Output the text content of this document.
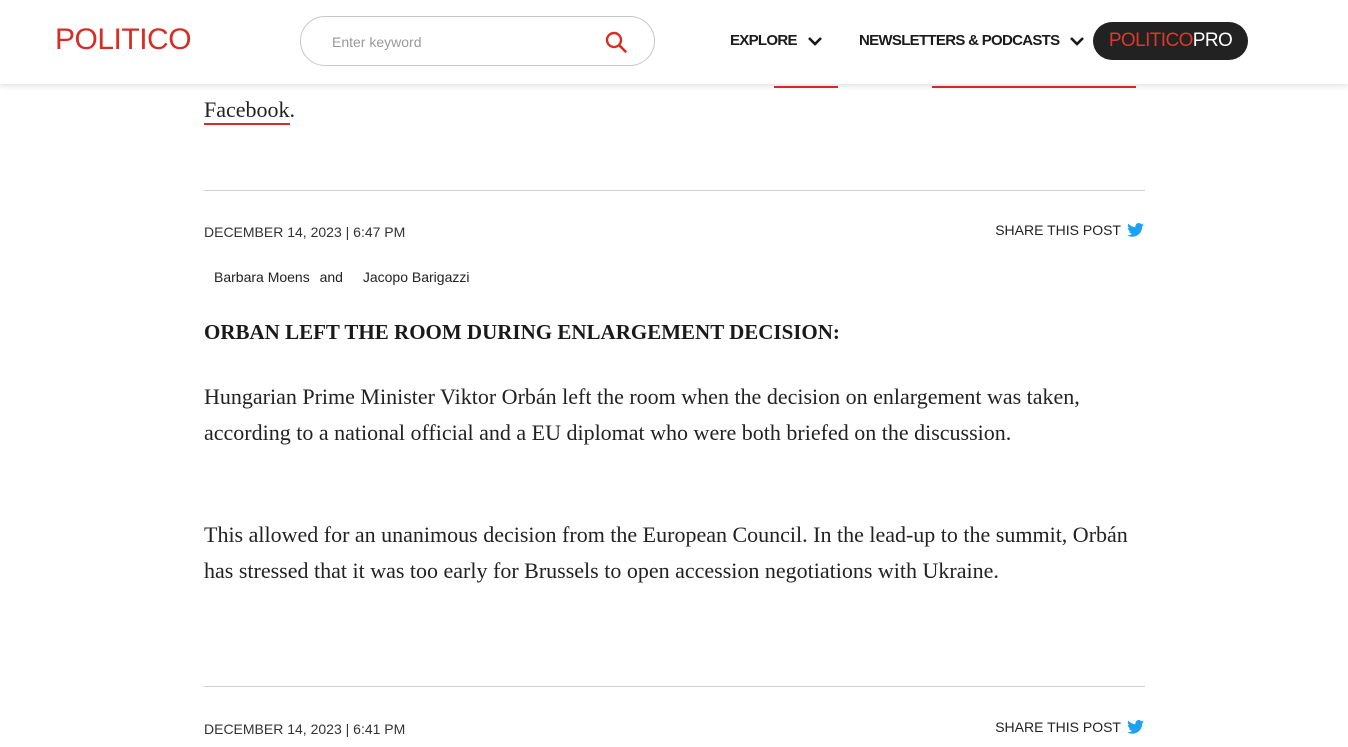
Facebook.
DECEMBER 14, 2023 | 6:47 PM	SHARE THIS POST
Barbara Moens and Jacopo Barigazzi
ORBAN LEFT THE ROOM DURING ENLARGEMENT DECISION:
Hungarian Prime Minister Viktor Orbán left the room when the decision on enlargement was taken, according to a national official and a EU diplomat who were both briefed on the discussion.
This allowed for an unanimous decision from the European Council. In the lead-up to the summit, Orbán has stressed that it was too early for Brussels to open accession negotiations with Ukraine.
DECEMBER 14, 2023 | 6:41 PM	SHARE THIS POST
POLITICO
Enter keyword	EXPLORE	NEWSLETTERS & PODCASTS	POLITICO PRO
